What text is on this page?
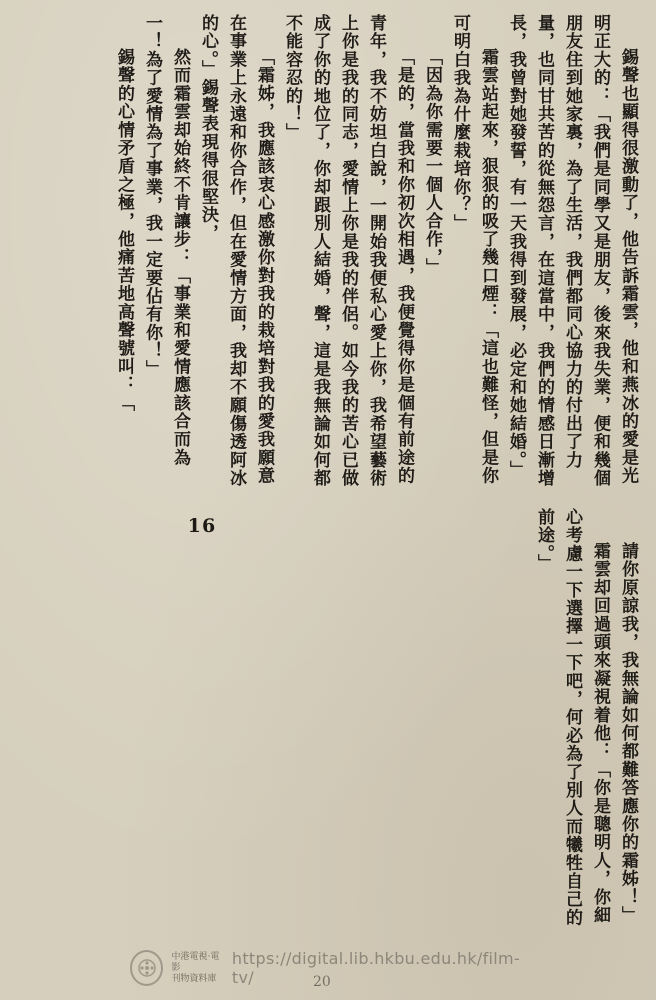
錫聲也顯得很激動了，他告訴霜雲，他和燕冰的愛是光明正大的：「我們是同學又是朋友，後來我失業，便和幾個朋友住到她家裏，為了生活，我們都同心協力的付出了力量，也同甘共苦的從無怨言，在這當中，我們的情感日漸增長，我曾對她發誓，有一天我得到發展，必定和她結婚。」

霜雲站起來，狠狠的吸了幾口煙：「這也難怪，但是你可明白我為什麼栽培你？」

「因為你需要一個人合作，」

「是的，當我和你初次相遇，我便覺得你是個有前途的青年，我不妨坦白說，一開始我便私心愛上你，我希望藝術上你是我的同志，愛情上你是我的伴侶。如今我的苦心已做成了你的地位了，你却跟別人結婚，聲，這是我無論如何都不能容忍的！」

「霜姊，我應該衷心感激你對我的栽培對我的愛我願意在事業上永遠和你合作，但在愛情方面，我却不願傷透阿冰的心。」錫聲表現得很堅決，

然而霜雲却始終不肯讓步：「事業和愛情應該合而為一！為了愛情為了事業，我一定要佔有你！」

錫聲的心情矛盾之極，他痛苦地高聲號叫：「

請你原諒我，我無論如何都難答應你的霜姊！」

霜雲却回過頭來凝視着他：「你是聰明人，你細心考慮一下選擇一下吧，何必為了別人而犧牲自己的前途。」

16

中港電視‧電影
刊物資料庫
https://digital.lib.hkbu.edu.hk/film-tv/	20
